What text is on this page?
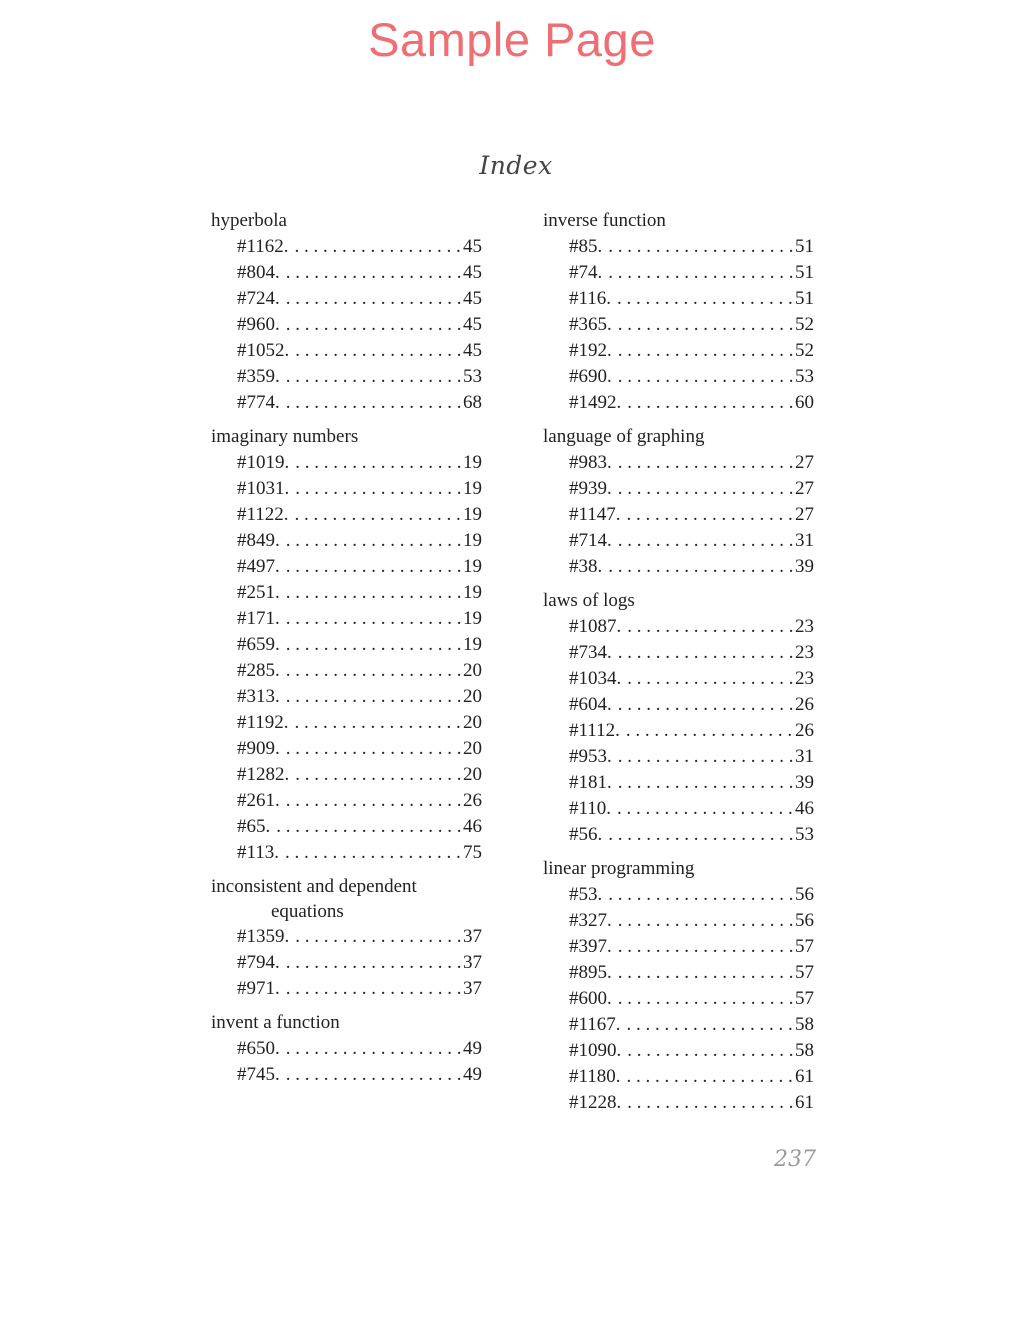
Sample Page
Index
hyperbola
#1162. . . .	45
#804. . . .	45
#724. . . .	45
#960. . . .	45
#1052. . . .	45
#359. . . .	53
#774. . . .	68
imaginary numbers
#1019. . . .	19
#1031. . . .	19
#1122. . . .	19
#849. . . .	19
#497. . . .	19
#251. . . .	19
#171. . . .	19
#659. . . .	19
#285. . . .	20
#313. . . .	20
#1192. . . .	20
#909. . . .	20
#1282. . . .	20
#261. . . .	26
#65. . . .	46
#113. . . .	75
inconsistent and dependent
equations
#1359. . . .	37
#794. . . .	37
#971. . . .	37
invent a function
#650. . . .	49
#745. . . .	49
inverse function
#85. . . .	51
#74. . . .	51
#116. . . .	51
#365. . . .	52
#192. . . .	52
#690. . . .	53
#1492. . . .	60
language of graphing
#983. . . .	27
#939. . . .	27
#1147. . . .	27
#714. . . .	31
#38. . . .	39
laws of logs
#1087. . . .	23
#734. . . .	23
#1034. . . .	23
#604. . . .	26
#1112. . . .	26
#953. . . .	31
#181. . . .	39
#110. . . .	46
#56. . . .	53
linear programming
#53. . . .	56
#327. . . .	56
#397. . . .	57
#895. . . .	57
#600. . . .	57
#1167. . . .	58
#1090. . . .	58
#1180. . . .	61
#1228. . . .	61
237
